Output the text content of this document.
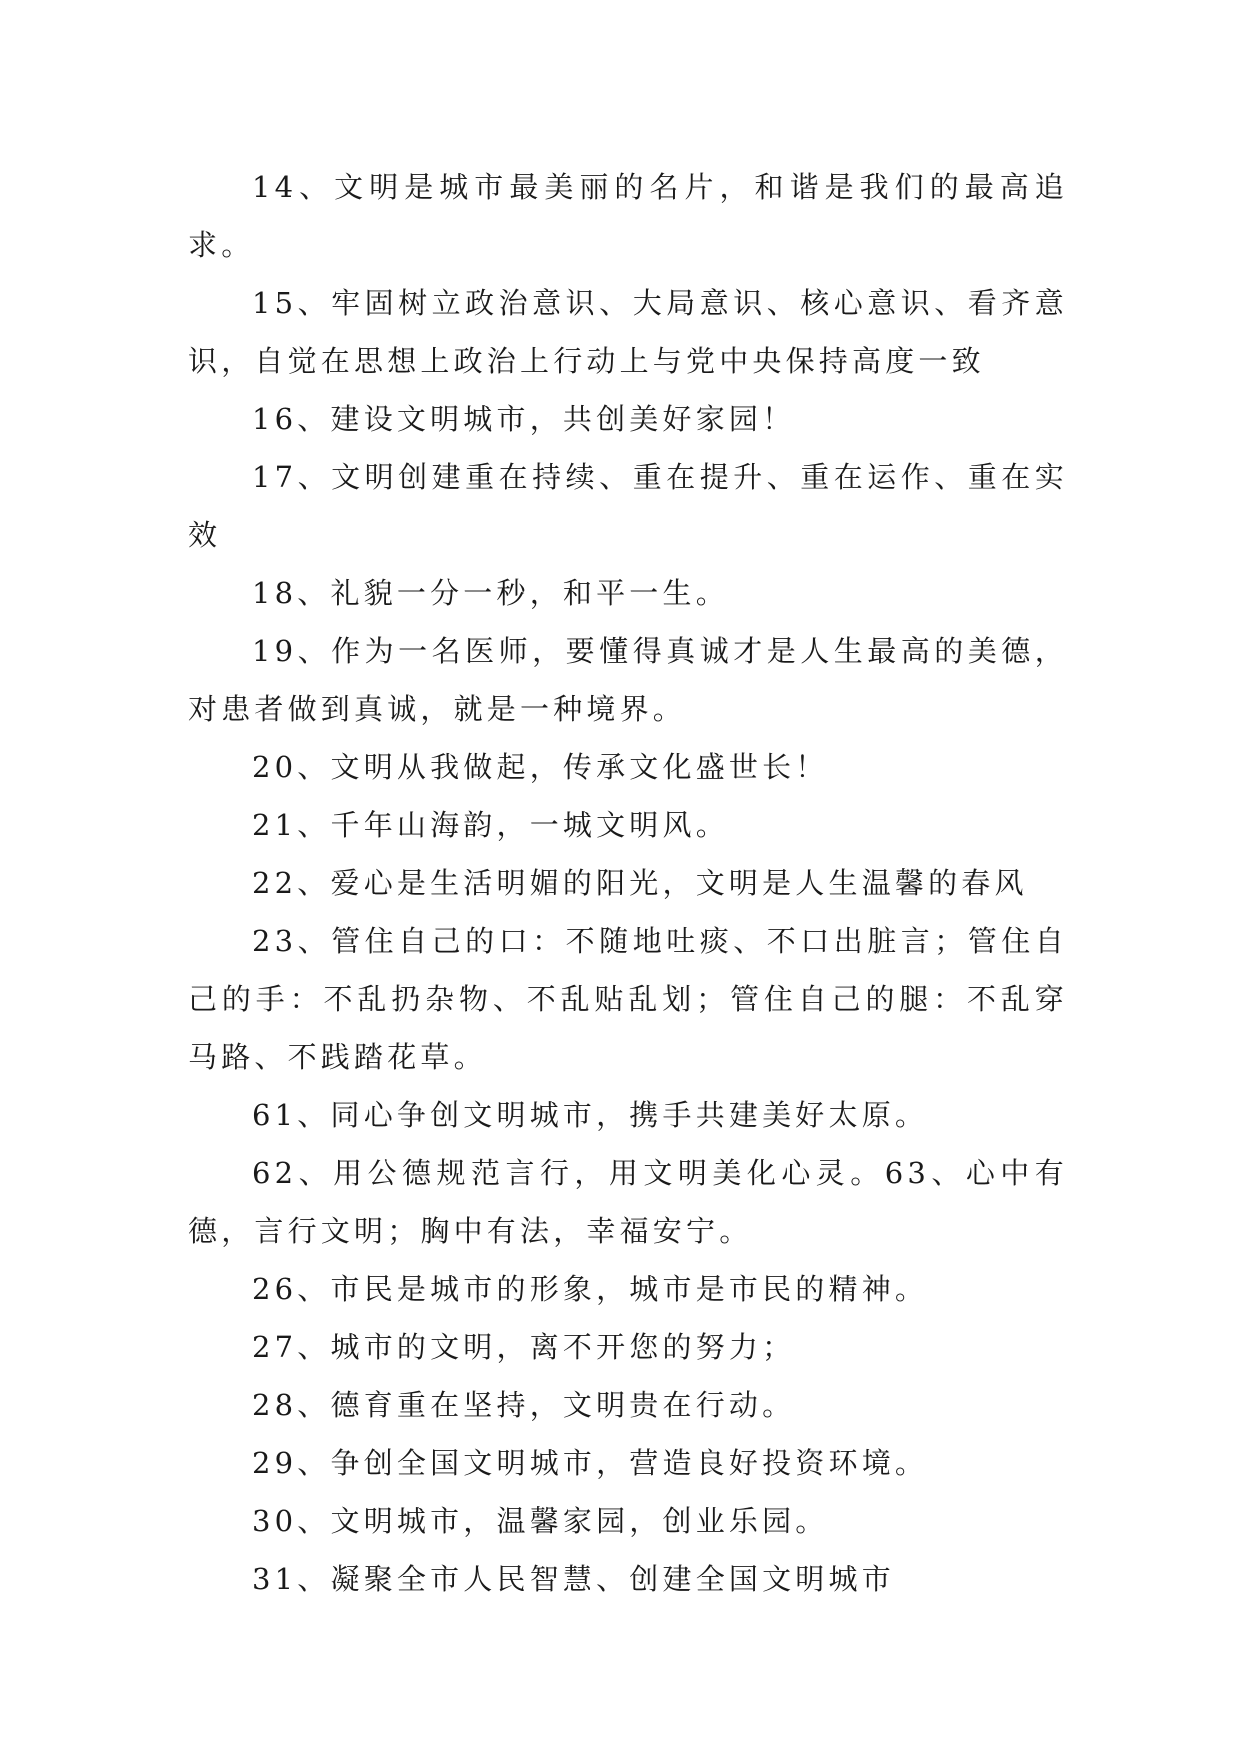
14、文明是城市最美丽的名片，和谐是我们的最高追求。

15、牢固树立政治意识、大局意识、核心意识、看齐意识，自觉在思想上政治上行动上与党中央保持高度一致

16、建设文明城市，共创美好家园！

17、文明创建重在持续、重在提升、重在运作、重在实效

18、礼貌一分一秒，和平一生。

19、作为一名医师，要懂得真诚才是人生最高的美德，对患者做到真诚，就是一种境界。

20、文明从我做起，传承文化盛世长！

21、千年山海韵，一城文明风。

22、爱心是生活明媚的阳光，文明是人生温馨的春风

23、管住自己的口：不随地吐痰、不口出脏言；管住自己的手：不乱扔杂物、不乱贴乱划；管住自己的腿：不乱穿马路、不践踏花草。

61、同心争创文明城市，携手共建美好太原。

62、用公德规范言行，用文明美化心灵。63、心中有德，言行文明；胸中有法，幸福安宁。

26、市民是城市的形象，城市是市民的精神。

27、城市的文明，离不开您的努力；

28、德育重在坚持，文明贵在行动。

29、争创全国文明城市，营造良好投资环境。

30、文明城市，温馨家园，创业乐园。

31、凝聚全市人民智慧、创建全国文明城市
